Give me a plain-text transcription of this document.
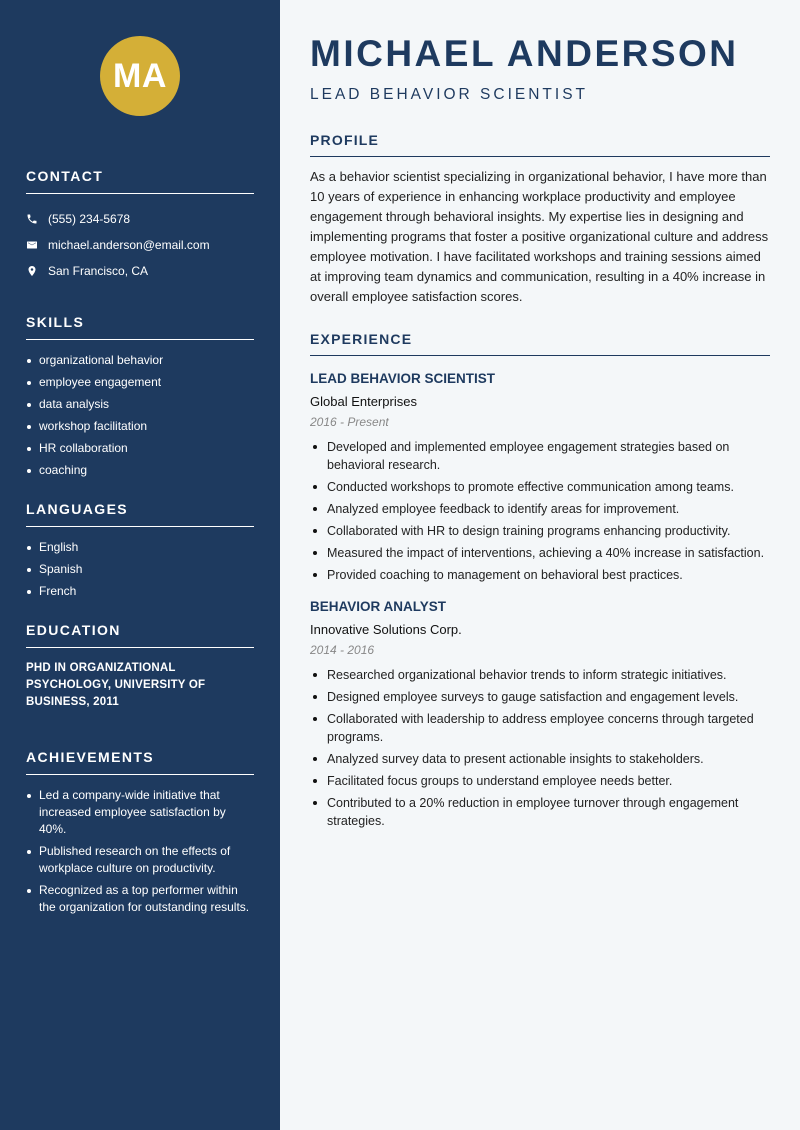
MA
CONTACT
(555) 234-5678
michael.anderson@email.com
San Francisco, CA
SKILLS
organizational behavior
employee engagement
data analysis
workshop facilitation
HR collaboration
coaching
LANGUAGES
English
Spanish
French
EDUCATION
PHD IN ORGANIZATIONAL PSYCHOLOGY, UNIVERSITY OF BUSINESS, 2011
ACHIEVEMENTS
Led a company-wide initiative that increased employee satisfaction by 40%.
Published research on the effects of workplace culture on productivity.
Recognized as a top performer within the organization for outstanding results.
MICHAEL ANDERSON
LEAD BEHAVIOR SCIENTIST
PROFILE

As a behavior scientist specializing in organizational behavior, I have more than 10 years of experience in enhancing workplace productivity and employee engagement through behavioral insights. My expertise lies in designing and implementing programs that foster a positive organizational culture and address employee motivation. I have facilitated workshops and training sessions aimed at improving team dynamics and communication, resulting in a 40% increase in overall employee satisfaction scores.

EXPERIENCE
LEAD BEHAVIOR SCIENTIST
Global Enterprises
2016 - Present
Developed and implemented employee engagement strategies based on behavioral research.
Conducted workshops to promote effective communication among teams.
Analyzed employee feedback to identify areas for improvement.
Collaborated with HR to design training programs enhancing productivity.
Measured the impact of interventions, achieving a 40% increase in satisfaction.
Provided coaching to management on behavioral best practices.
BEHAVIOR ANALYST
Innovative Solutions Corp.
2014 - 2016
Researched organizational behavior trends to inform strategic initiatives.
Designed employee surveys to gauge satisfaction and engagement levels.
Collaborated with leadership to address employee concerns through targeted programs.
Analyzed survey data to present actionable insights to stakeholders.
Facilitated focus groups to understand employee needs better.
Contributed to a 20% reduction in employee turnover through engagement strategies.
